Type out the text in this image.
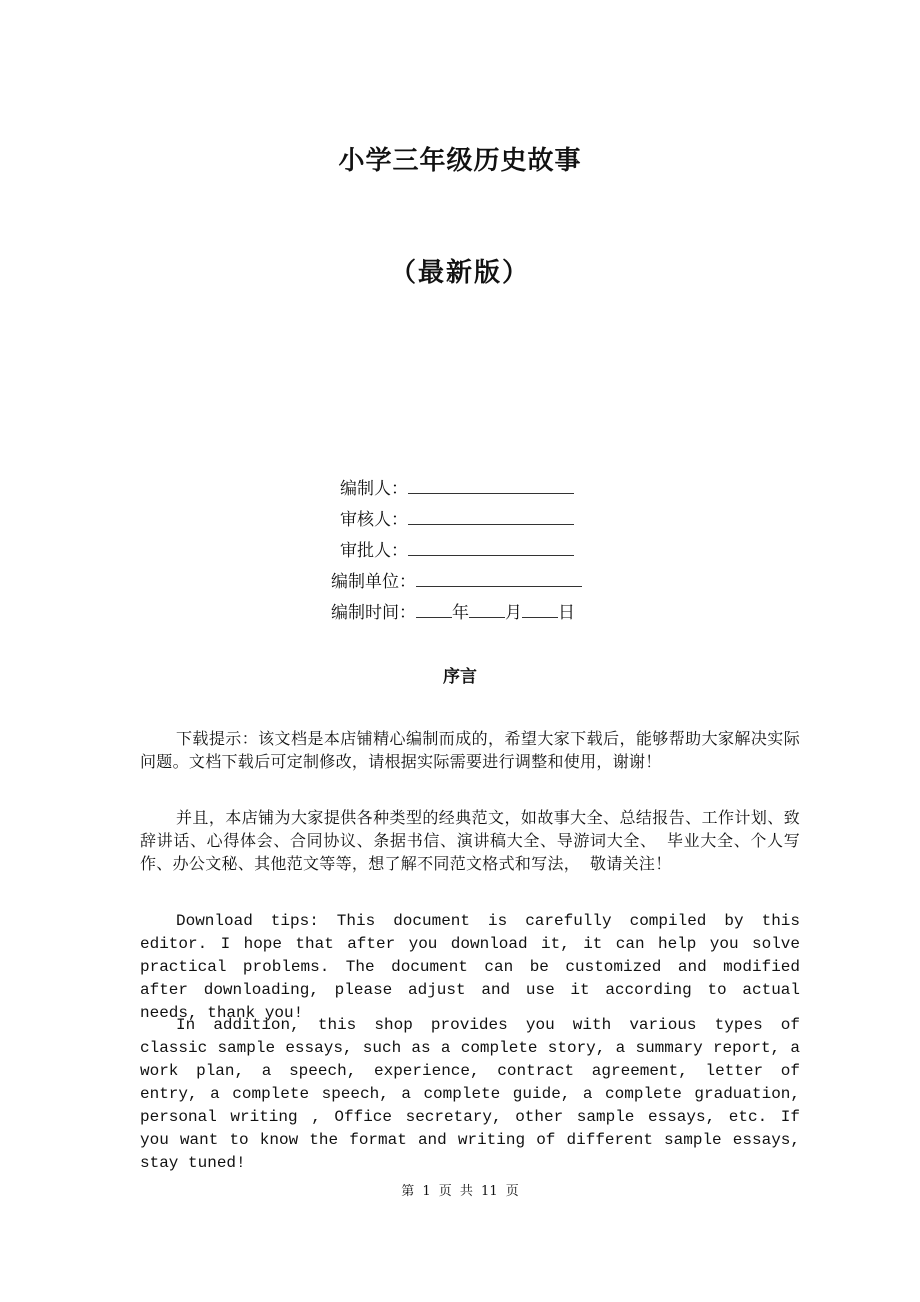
小学三年级历史故事
（最新版）
编制人：
审核人：
审批人：
编制单位：
编制时间： 年 月 日
序言

下载提示：该文档是本店铺精心编制而成的，希望大家下载后，能够帮助大家解决实际问题。文档下载后可定制修改，请根据实际需要进行调整和使用，谢谢！

并且，本店铺为大家提供各种类型的经典范文，如故事大全、总结报告、工作计划、致辞讲话、心得体会、合同协议、条据书信、演讲稿大全、导游词大全、 毕业大全、个人写作、办公文秘、其他范文等等，想了解不同范文格式和写法， 敬请关注！

Download tips: This document is carefully compiled by this editor. I hope that after you download it, it can help you solve practical problems. The document can be customized and modified after downloading, please adjust and use it according to actual needs, thank you!

In addition, this shop provides you with various types of classic sample essays, such as a complete story, a summary report, a work plan, a speech, experience, contract agreement, letter of entry, a complete speech, a complete guide, a complete graduation, personal writing , Office secretary, other sample essays, etc. If you want to know the format and writing of different sample essays, stay tuned!

第 1 页 共 11 页
